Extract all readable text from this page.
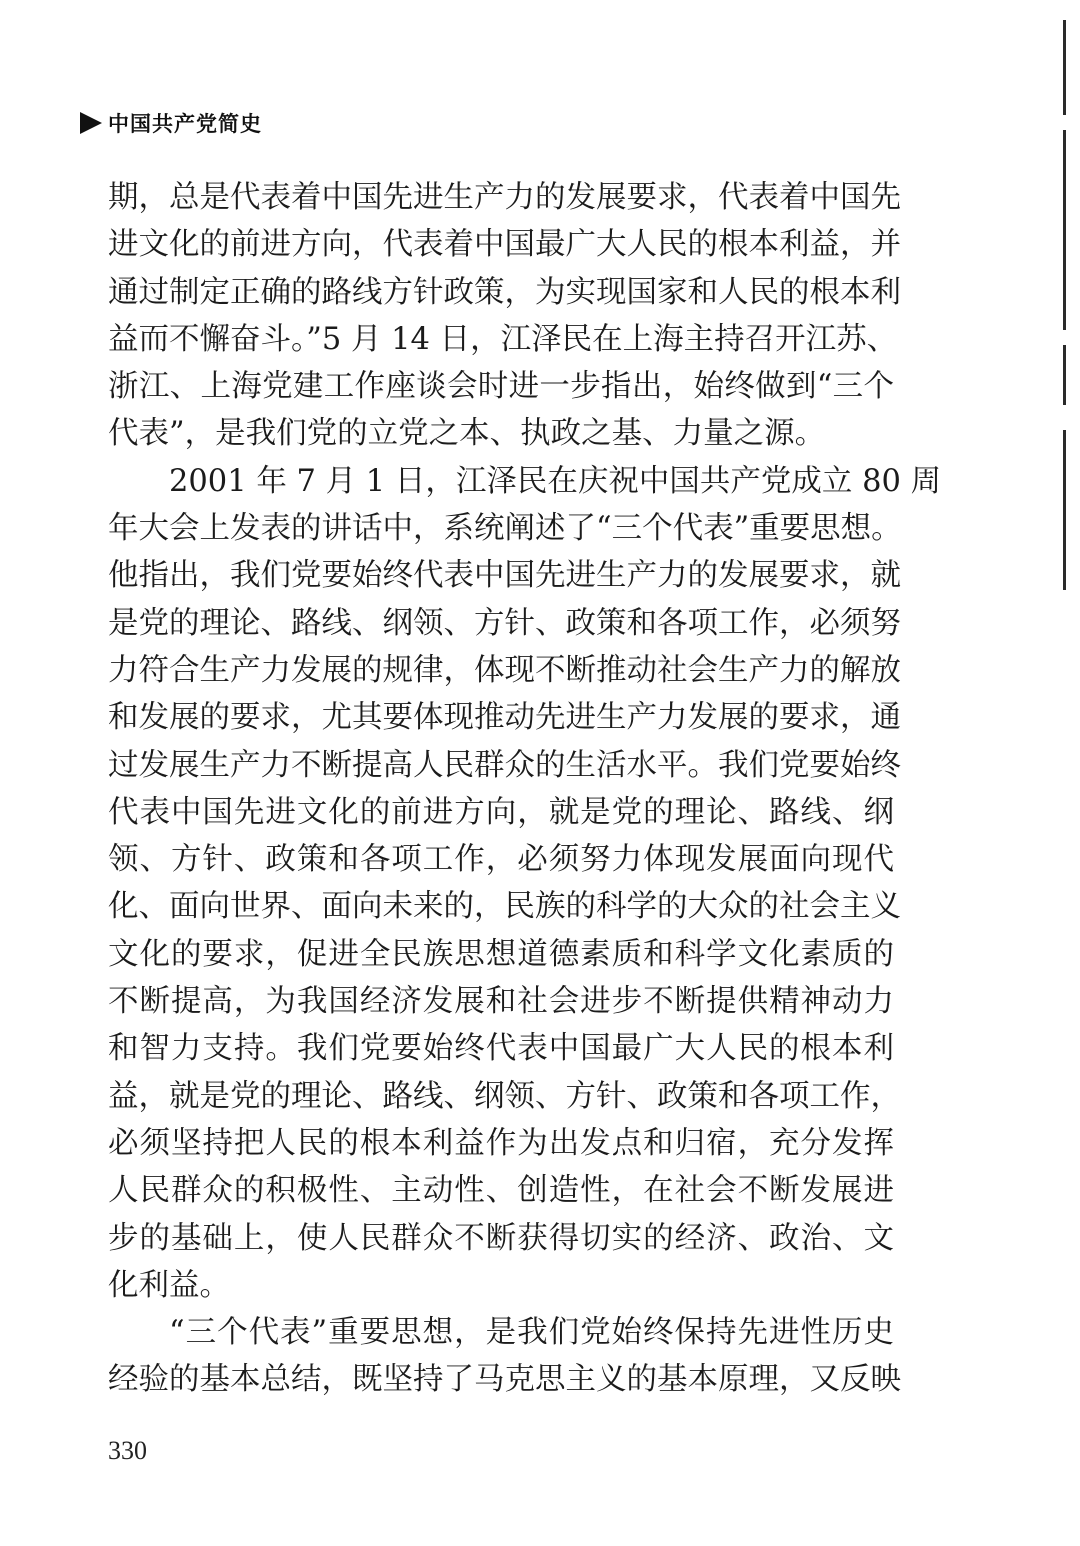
中国共产党简史
期，总是代表着中国先进生产力的发展要求，代表着中国先
进文化的前进方向，代表着中国最广大人民的根本利益，并
通过制定正确的路线方针政策，为实现国家和人民的根本利
益而不懈奋斗。”5 月 14 日，江泽民在上海主持召开江苏、
浙江、上海党建工作座谈会时进一步指出，始终做到“三个
代表”，是我们党的立党之本、执政之基、力量之源。
2001 年 7 月 1 日，江泽民在庆祝中国共产党成立 80 周
年大会上发表的讲话中，系统阐述了“三个代表”重要思想。
他指出，我们党要始终代表中国先进生产力的发展要求，就
是党的理论、路线、纲领、方针、政策和各项工作，必须努
力符合生产力发展的规律，体现不断推动社会生产力的解放
和发展的要求，尤其要体现推动先进生产力发展的要求，通
过发展生产力不断提高人民群众的生活水平。我们党要始终
代表中国先进文化的前进方向，就是党的理论、路线、纲
领、方针、政策和各项工作，必须努力体现发展面向现代
化、面向世界、面向未来的，民族的科学的大众的社会主义
文化的要求，促进全民族思想道德素质和科学文化素质的
不断提高，为我国经济发展和社会进步不断提供精神动力
和智力支持。我们党要始终代表中国最广大人民的根本利
益，就是党的理论、路线、纲领、方针、政策和各项工作，
必须坚持把人民的根本利益作为出发点和归宿，充分发挥
人民群众的积极性、主动性、创造性，在社会不断发展进
步的基础上，使人民群众不断获得切实的经济、政治、文
化利益。
“三个代表”重要思想，是我们党始终保持先进性历史
经验的基本总结，既坚持了马克思主义的基本原理，又反映
330
